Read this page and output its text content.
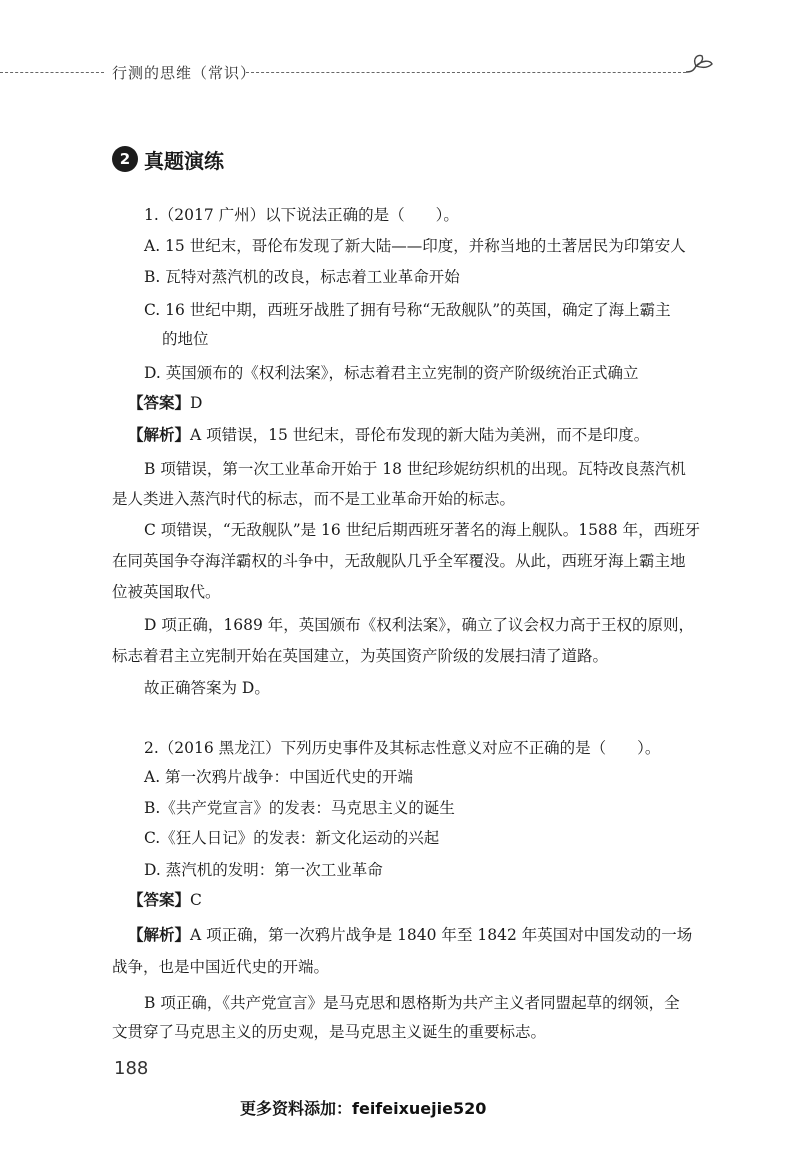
行测的思维（常识）
2 真题演练
1.（2017 广州）以下说法正确的是（　　）。
A. 15 世纪末，哥伦布发现了新大陆——印度，并称当地的土著居民为印第安人
B. 瓦特对蒸汽机的改良，标志着工业革命开始
C. 16 世纪中期，西班牙战胜了拥有号称“无敌舰队”的英国，确定了海上霸主
的地位
D. 英国颁布的《权利法案》，标志着君主立宪制的资产阶级统治正式确立
【答案】D
【解析】A 项错误，15 世纪末，哥伦布发现的新大陆为美洲，而不是印度。
B 项错误，第一次工业革命开始于 18 世纪珍妮纺织机的出现。瓦特改良蒸汽机
是人类进入蒸汽时代的标志，而不是工业革命开始的标志。
C 项错误，“无敌舰队”是 16 世纪后期西班牙著名的海上舰队。1588 年，西班牙
在同英国争夺海洋霸权的斗争中，无敌舰队几乎全军覆没。从此，西班牙海上霸主地
位被英国取代。
D 项正确，1689 年，英国颁布《权利法案》，确立了议会权力高于王权的原则，
标志着君主立宪制开始在英国建立，为英国资产阶级的发展扫清了道路。
故正确答案为 D。
2.（2016 黑龙江）下列历史事件及其标志性意义对应不正确的是（　　）。
A. 第一次鸦片战争：中国近代史的开端
B.《共产党宣言》的发表：马克思主义的诞生
C.《狂人日记》的发表：新文化运动的兴起
D. 蒸汽机的发明：第一次工业革命
【答案】C
【解析】A 项正确，第一次鸦片战争是 1840 年至 1842 年英国对中国发动的一场
战争，也是中国近代史的开端。
B 项正确，《共产党宣言》是马克思和恩格斯为共产主义者同盟起草的纲领，全
文贯穿了马克思主义的历史观，是马克思主义诞生的重要标志。
188
更多资料添加：feifeixuejie520
